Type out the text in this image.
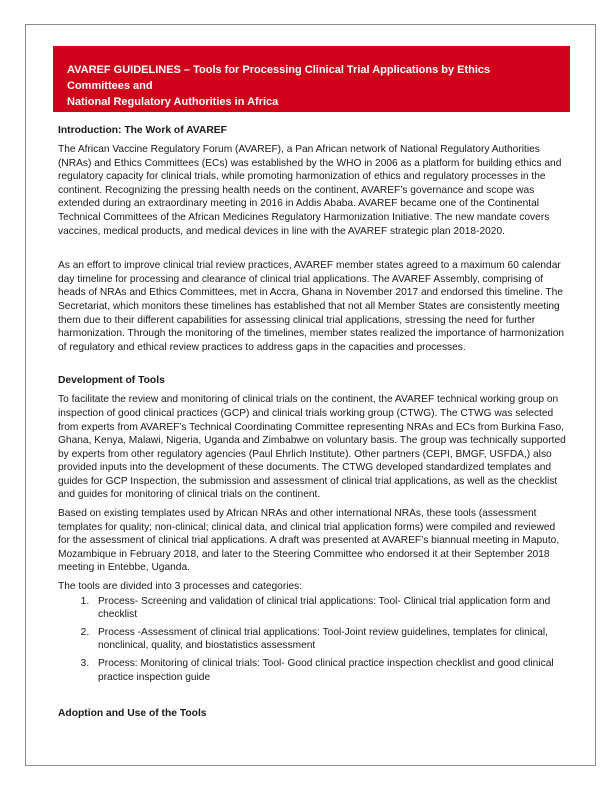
AVAREF GUIDELINES – Tools for Processing Clinical Trial Applications by Ethics Committees and
National Regulatory Authorities in Africa
Introduction: The Work of AVAREF

The African Vaccine Regulatory Forum (AVAREF), a Pan African network of National Regulatory Authorities (NRAs) and Ethics Committees (ECs) was established by the WHO in 2006 as a platform for building ethics and regulatory capacity for clinical trials, while promoting harmonization of ethics and regulatory processes in the continent. Recognizing the pressing health needs on the continent, AVAREF’s governance and scope was extended during an extraordinary meeting in 2016 in Addis Ababa. AVAREF became one of the Continental Technical Committees of the African Medicines Regulatory Harmonization Initiative. The new mandate covers vaccines, medical products, and medical devices in line with the AVAREF strategic plan 2018-2020.

As an effort to improve clinical trial review practices, AVAREF member states agreed to a maximum 60 calendar day timeline for processing and clearance of clinical trial applications. The AVAREF Assembly, comprising of heads of NRAs and Ethics Committees, met in Accra, Ghana in November 2017 and endorsed this timeline. The Secretariat, which monitors these timelines has established that not all Member States are consistently meeting them due to their different capabilities for assessing clinical trial applications, stressing the need for further harmonization. Through the monitoring of the timelines, member states realized the importance of harmonization of regulatory and ethical review practices to address gaps in the capacities and processes.

Development of Tools

To facilitate the review and monitoring of clinical trials on the continent, the AVAREF technical working group on inspection of good clinical practices (GCP) and clinical trials working group (CTWG). The CTWG was selected from experts from AVAREF’s Technical Coordinating Committee representing NRAs and ECs from Burkina Faso, Ghana, Kenya, Malawi, Nigeria, Uganda and Zimbabwe on voluntary basis. The group was technically supported by experts from other regulatory agencies (Paul Ehrlich Institute). Other partners (CEPI, BMGF, USFDA,) also provided inputs into the development of these documents. The CTWG developed standardized templates and guides for GCP Inspection, the submission and assessment of clinical trial applications, as well as the checklist and guides for monitoring of clinical trials on the continent.

Based on existing templates used by African NRAs and other international NRAs, these tools (assessment templates for quality; non-clinical; clinical data, and clinical trial application forms) were compiled and reviewed for the assessment of clinical trial applications. A draft was presented at AVAREF’s biannual meeting in Maputo, Mozambique in February 2018, and later to the Steering Committee who endorsed it at their September 2018 meeting in Entebbe, Uganda.

The tools are divided into 3 processes and categories:

1. Process- Screening and validation of clinical trial applications: Tool- Clinical trial application form and checklist
2. Process -Assessment of clinical trial applications: Tool-Joint review guidelines, templates for clinical, nonclinical, quality, and biostatistics assessment
3. Process: Monitoring of clinical trials: Tool- Good clinical practice inspection checklist and good clinical practice inspection guide
Adoption and Use of the Tools
